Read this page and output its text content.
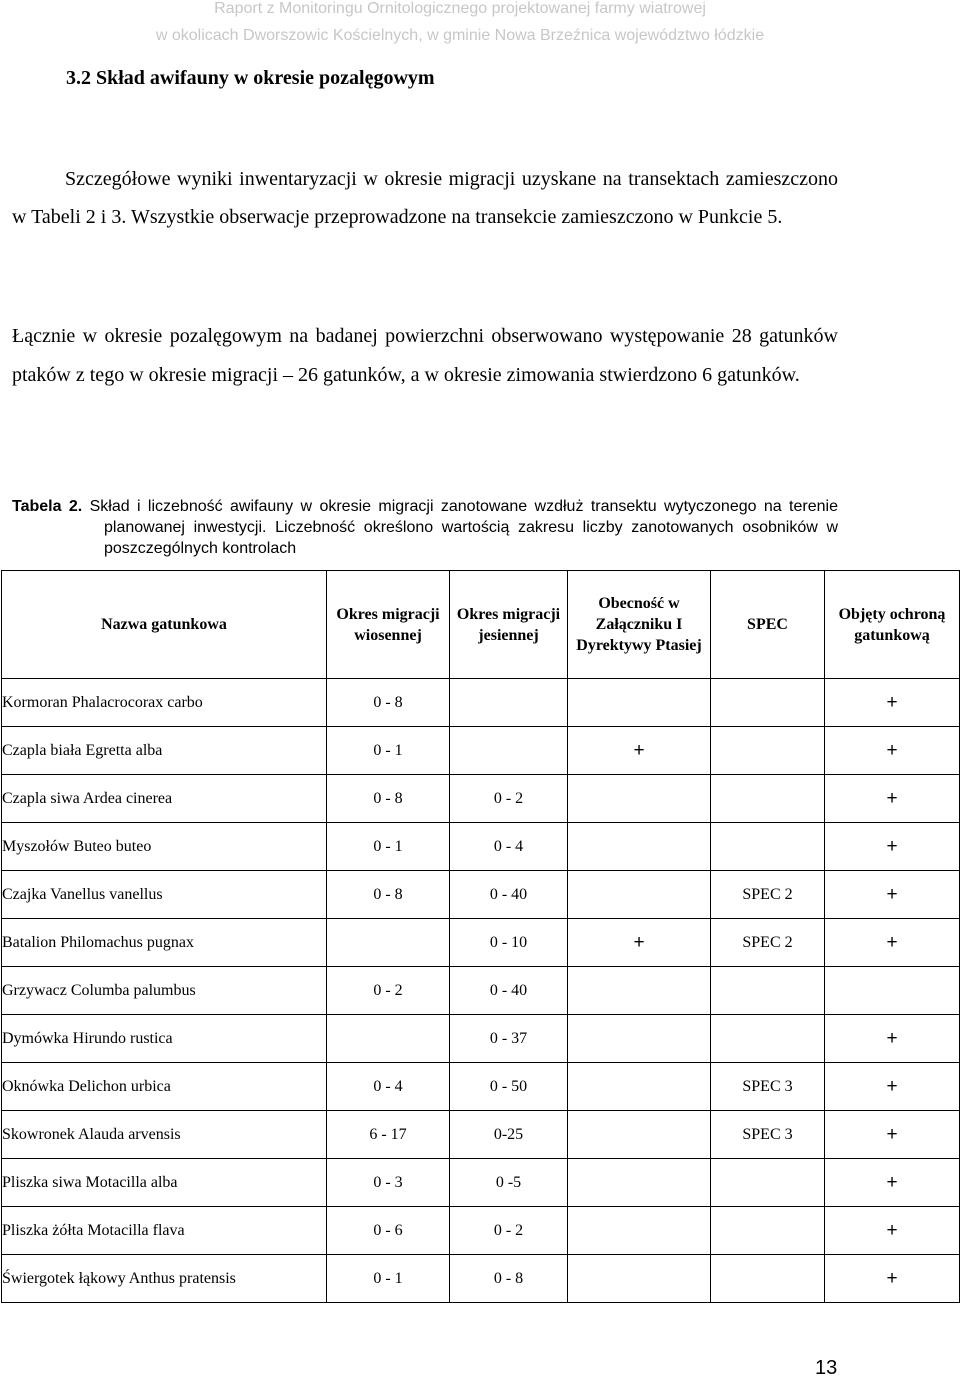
Raport z Monitoringu Ornitologicznego projektowanej farmy wiatrowej
w okolicach Dworszowic Kościelnych, w gminie Nowa Brzeźnica województwo łódzkie
3.2 Skład awifauny w okresie pozalęgowym
Szczegółowe wyniki inwentaryzacji w okresie migracji uzyskane na transektach zamieszczono w Tabeli 2 i 3. Wszystkie obserwacje przeprowadzone na transekcie zamieszczono w Punkcie 5.
Łącznie w okresie pozalęgowym na badanej powierzchni obserwowano występowanie 28 gatunków ptaków z tego w okresie migracji – 26 gatunków, a w okresie zimowania stwierdzono 6 gatunków.
Tabela 2. Skład i liczebność awifauny w okresie migracji zanotowane wzdłuż transektu wytyczonego na terenie planowanej inwestycji. Liczebność określono wartością zakresu liczby zanotowanych osobników w poszczególnych kontrolach
Nazwa gatunkowa	Okres migracji wiosennej	Okres migracji jesiennej	Obecność w Załączniku I Dyrektywy Ptasiej	SPEC	Objęty ochroną gatunkową
Kormoran Phalacrocorax carbo	0 - 8				+
Czapla biała Egretta alba	0 - 1		+		+
Czapla siwa Ardea cinerea	0 - 8	0 - 2			+
Myszołów Buteo buteo	0 - 1	0 - 4			+
Czajka Vanellus vanellus	0 - 8	0 - 40		SPEC 2	+
Batalion Philomachus pugnax		0 - 10	+	SPEC 2	+
Grzywacz Columba palumbus	0 - 2	0 - 40			
Dymówka Hirundo rustica		0 - 37			+
Oknówka Delichon urbica	0 - 4	0 - 50		SPEC 3	+
Skowronek Alauda arvensis	6 - 17	0-25		SPEC 3	+
Pliszka siwa Motacilla alba	0 - 3	0 -5			+
Pliszka żółta Motacilla flava	0 - 6	0 - 2			+
Świergotek łąkowy Anthus pratensis	0 - 1	0 - 8			+
13
